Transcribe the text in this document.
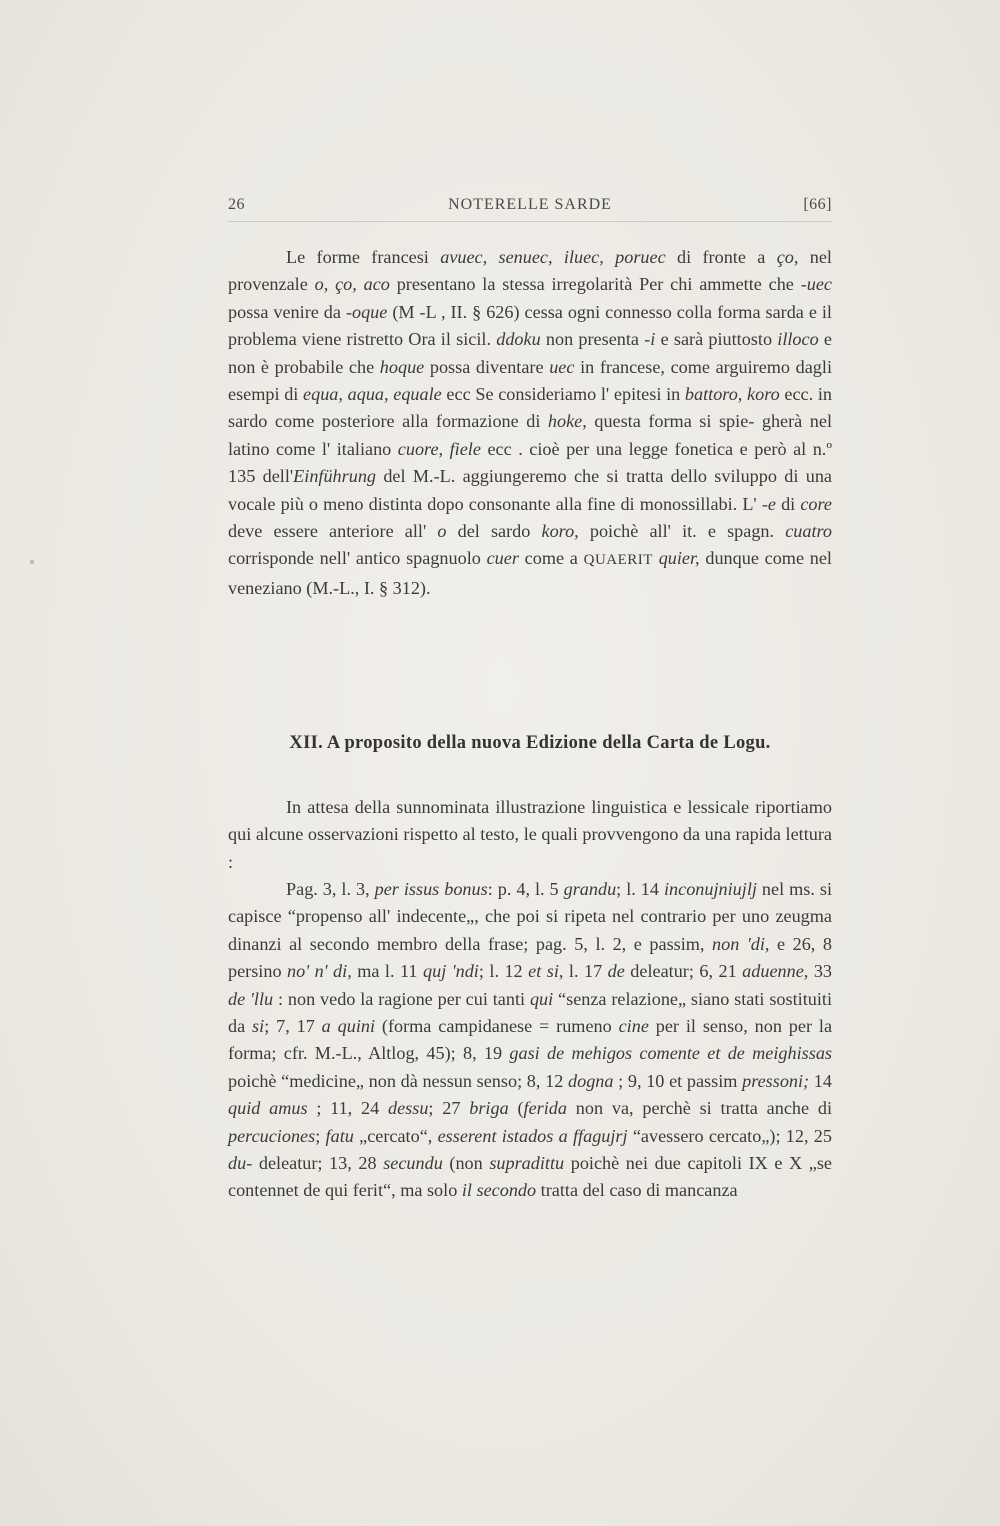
26	NOTERELLE SARDE	[66]

Le forme francesi avuec, senuec, iluec, poruec di fronte a ço, nel provenzale o, ço, aco presentano la stessa irregolarità Per chi ammette che -uec possa venire da -oque (M -L , II. § 626) cessa ogni connesso colla forma sarda e il problema viene ristretto Ora il sicil. ddoku non presenta -i e sarà piuttosto illoco e non è probabile che hoque possa diventare uec in francese, come arguiremo dagli esempi di equa, aqua, equale ecc Se consideriamo l' epitesi in battoro, koro ecc. in sardo come posteriore alla formazione di hoke, questa forma si spie- gherà nel latino come l' italiano cuore, fiele ecc . cioè per una legge fonetica e però al n.º 135 dell'Einführung del M.-L. aggiungeremo che si tratta dello sviluppo di una vocale più o meno distinta dopo consonante alla fine di monossillabi. L' -e di core deve essere anteriore all' o del sardo koro, poichè all' it. e spagn. cuatro corrisponde nell' antico spagnuolo cuer come a QUAERIT quier, dunque come nel veneziano (M.-L., I. § 312).

XII. A proposito della nuova Edizione della Carta de Logu.

In attesa della sunnominata illustrazione linguistica e lessicale riportiamo qui alcune osservazioni rispetto al testo, le quali provvengono da una rapida lettura :

Pag. 3, l. 3, per issus bonus: p. 4, l. 5 grandu; l. 14 inconujniujlj nel ms. si capisce “propenso all' indecente„, che poi si ripeta nel contrario per uno zeugma dinanzi al secondo membro della frase; pag. 5, l. 2, e passim, non 'di, e 26, 8 persino no' n' di, ma l. 11 quj 'ndi; l. 12 et si, l. 17 de deleatur; 6, 21 aduenne, 33 de 'llu : non vedo la ragione per cui tanti qui “senza relazione„ siano stati sostituiti da si; 7, 17 a quini (forma campidanese = rumeno cine per il senso, non per la forma; cfr. M.-L., Altlog, 45); 8, 19 gasi de mehigos comente et de meighissas poichè “medicine„ non dà nessun senso; 8, 12 dogna ; 9, 10 et passim pressoni; 14 quid amus ; 11, 24 dessu; 27 briga (ferida non va, perchè si tratta anche di percuciones; fatu „cercato“, esserent istados a ffagujrj “avessero cercato„); 12, 25 du- deleatur; 13, 28 secundu (non supradittu poichè nei due capitoli IX e X „se contennet de qui ferit“, ma solo il secondo tratta del caso di mancanza
